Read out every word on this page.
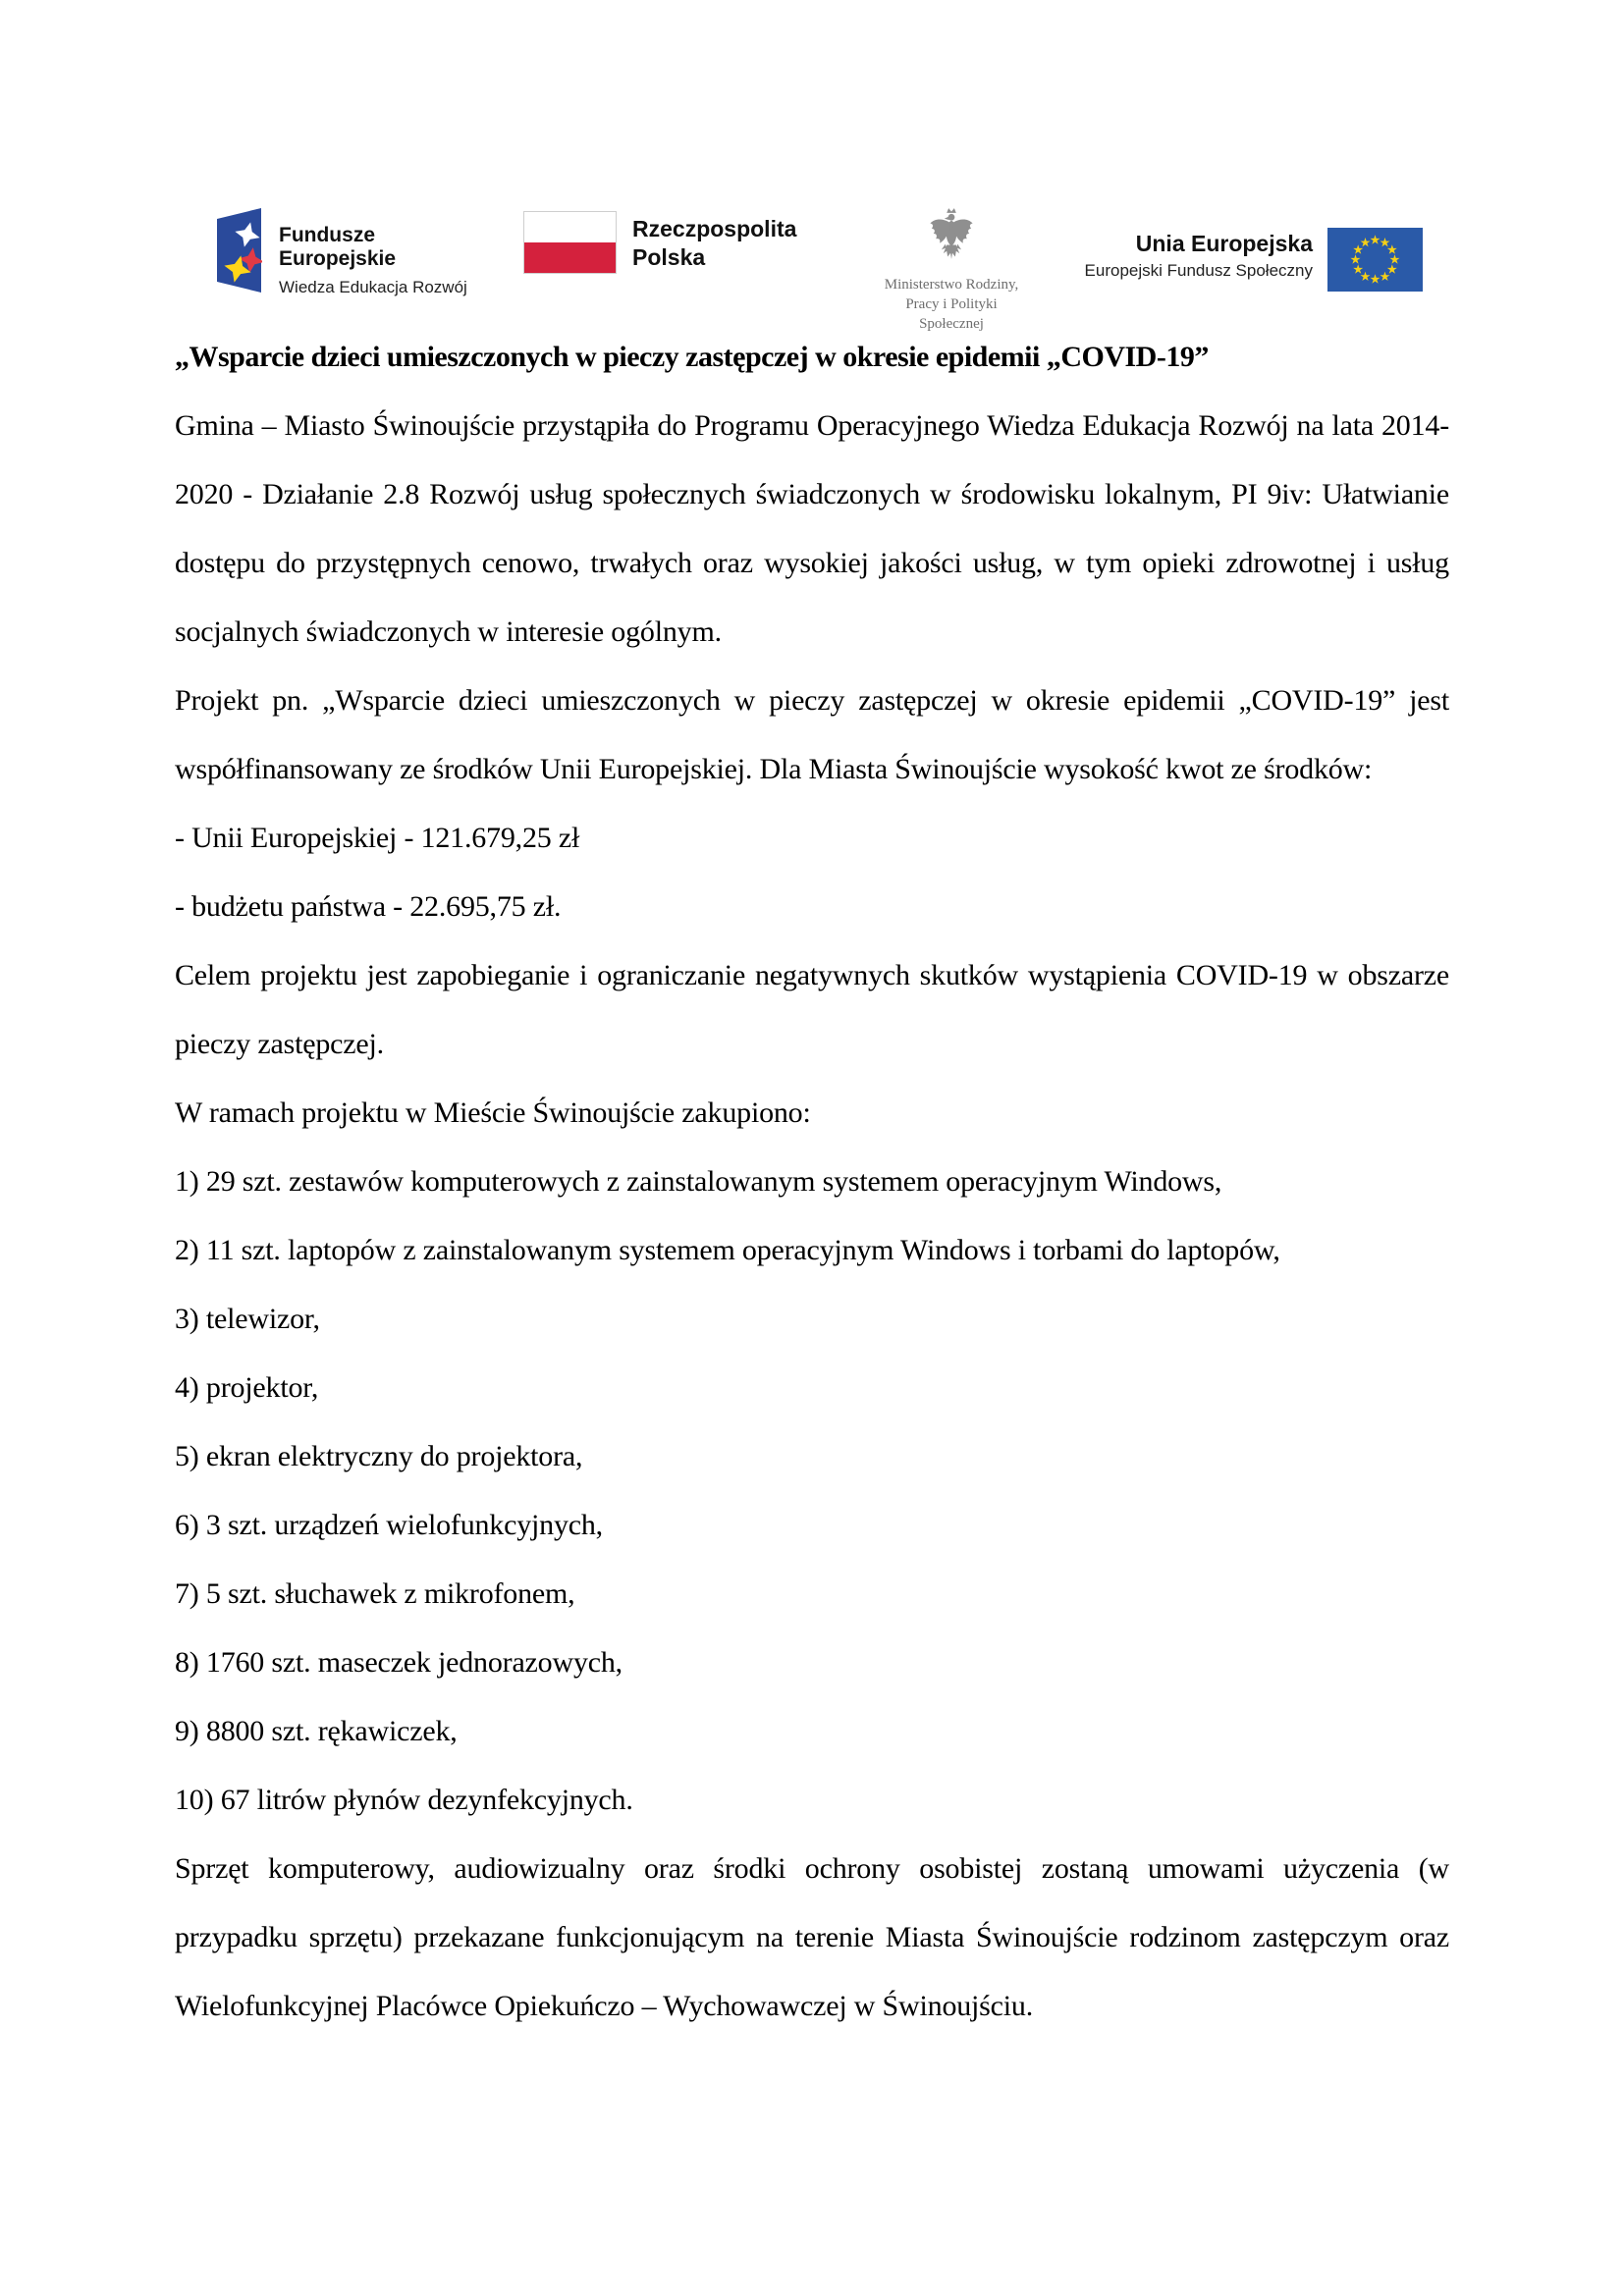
Fundusze
Europejskie
Wiedza Edukacja Rozwój
Rzeczpospolita
Polska
Ministerstwo Rodziny,
Pracy i Polityki Społecznej
Unia Europejska
Europejski Fundusz Społeczny
„Wsparcie dzieci umieszczonych w pieczy zastępczej w okresie epidemii „COVID-19”

Gmina – Miasto Świnoujście przystąpiła do Programu Operacyjnego Wiedza Edukacja Rozwój na lata 2014-2020 - Działanie 2.8 Rozwój usług społecznych świadczonych w środowisku lokalnym, PI 9iv: Ułatwianie dostępu do przystępnych cenowo, trwałych oraz wysokiej jakości usług, w tym opieki zdrowotnej i usług socjalnych świadczonych w interesie ogólnym.

Projekt pn. „Wsparcie dzieci umieszczonych w pieczy zastępczej w okresie epidemii „COVID-19” jest współfinansowany ze środków Unii Europejskiej. Dla Miasta Świnoujście wysokość kwot ze środków:

- Unii Europejskiej - 121.679,25 zł

- budżetu państwa - 22.695,75 zł.

Celem projektu jest zapobieganie i ograniczanie negatywnych skutków wystąpienia COVID-19 w obszarze pieczy zastępczej.

W ramach projektu w Mieście Świnoujście zakupiono:

1) 29 szt. zestawów komputerowych z zainstalowanym systemem operacyjnym Windows,

2) 11 szt. laptopów z zainstalowanym systemem operacyjnym Windows i torbami do laptopów,

3) telewizor,

4) projektor,

5) ekran elektryczny do projektora,

6) 3 szt. urządzeń wielofunkcyjnych,

7) 5 szt. słuchawek z mikrofonem,

8) 1760 szt. maseczek jednorazowych,

9) 8800 szt. rękawiczek,

10) 67 litrów płynów dezynfekcyjnych.

Sprzęt komputerowy, audiowizualny oraz środki ochrony osobistej zostaną umowami użyczenia (w przypadku sprzętu) przekazane funkcjonującym na terenie Miasta Świnoujście rodzinom zastępczym oraz Wielofunkcyjnej Placówce Opiekuńczo – Wychowawczej w Świnoujściu.
